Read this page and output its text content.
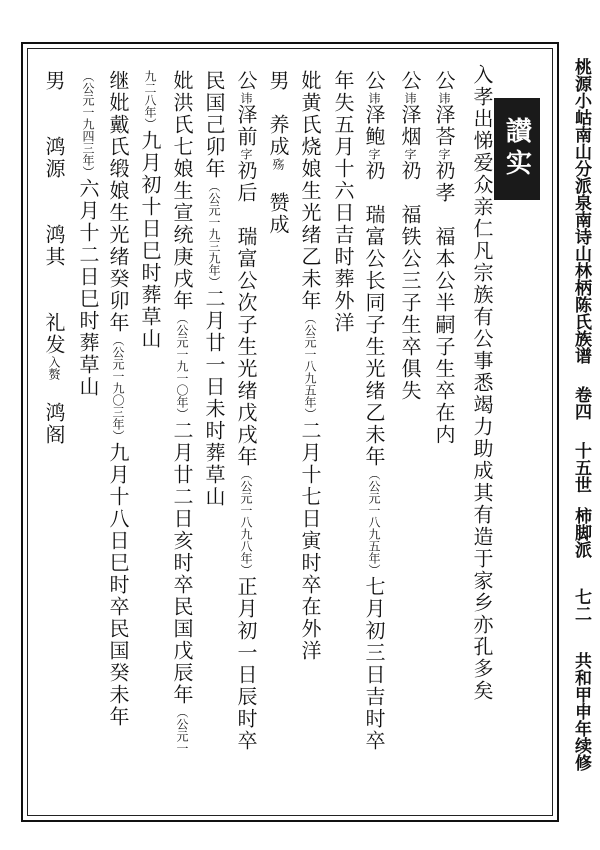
桃源小岵南山分派泉南诗山林柄陈氏族谱
卷四
十五世
柿脚派
七二
共和甲申年续修
讃实
入孝出悌爱众亲仁凡宗族有公事悉竭力助成其有造于家乡亦孔多矣
公讳泽荅字礽孝　福本公半嗣子生卒在内
公讳泽烟字礽　福铁公三子生卒俱失
公讳泽鲍字礽　瑞富公长同子生光绪乙未年（公元一八九五年）七月初三日吉时卒
年失五月十六日吉时葬外洋
妣黄氏烧娘生光绪乙未年（公元一八九五年）二月十七日寅时卒在外洋
男　养成殇　赞成
公讳泽前字礽后　瑞富公次子生光绪戊戌年（公元一八九八年）正月初一日辰时卒
民国己卯年（公元一九三九年）二月廿一日未时葬草山
妣洪氏七娘生宣统庚戌年（公元一九一〇年）二月廿二日亥时卒民国戊辰年（公元一
九二八年）九月初十日巳时葬草山
继妣戴氏缎娘生光绪癸卯年（公元一九〇三年）九月十八日巳时卒民国癸未年
（公元一九四三年）六月十二日巳时葬草山
男　　鸿源　　鸿其　　礼发入赘　鸿阁
